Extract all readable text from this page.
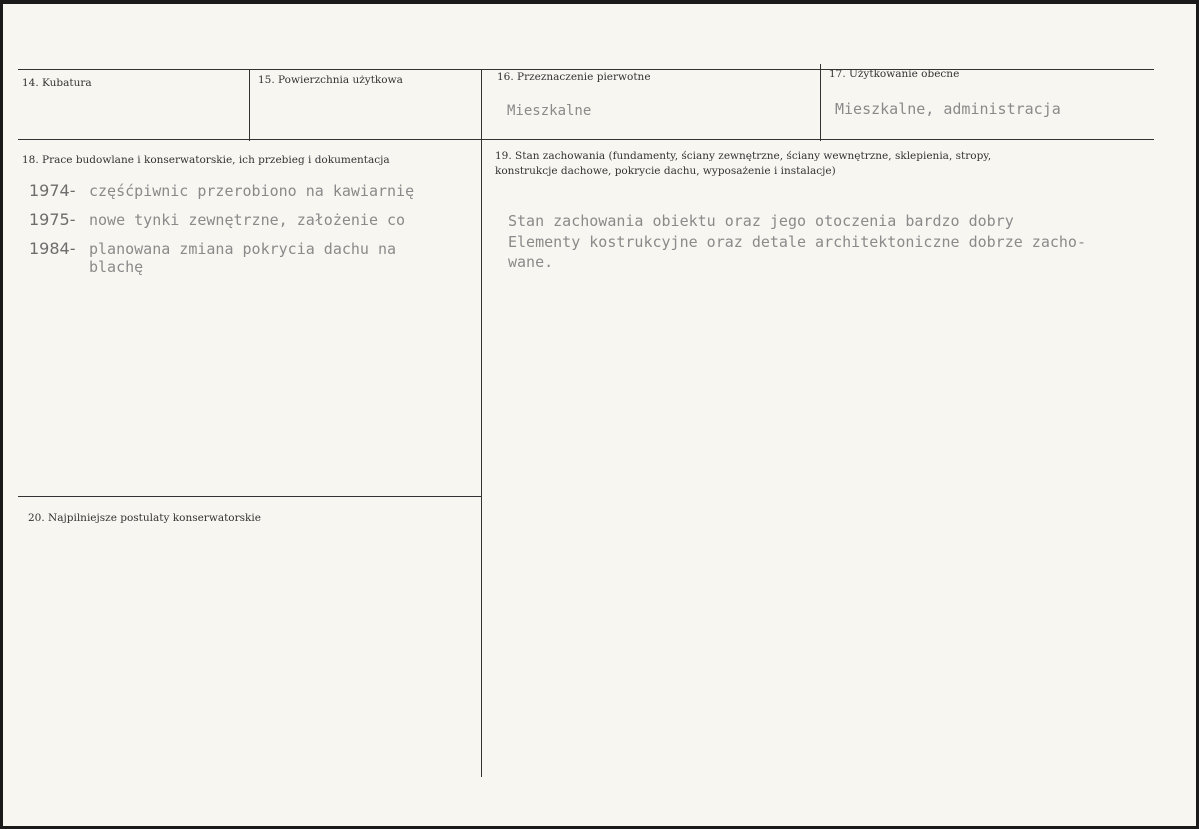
14. Kubatura	15. Powierzchnia użytkowa	16. Przeznaczenie pierwotne
Mieszkalne
17. Użytkowanie obecne
Mieszkalne, administracja
18. Prace budowlane i konserwatorskie, ich przebieg i dokumentacja
1974- częśćpiwnic przerobiono na kawiarnię
1975- nowe tynki zewnętrzne, założenie co
1984- planowana zmiana pokrycia dachu na
blachę
19. Stan zachowania (fundamenty, ściany zewnętrzne, ściany wewnętrzne, sklepienia, stropy,
konstrukcje dachowe, pokrycie dachu, wyposażenie i instalacje)
Stan zachowania obiektu oraz jego otoczenia bardzo dobry
Elementy kostrukcyjne oraz detale architektoniczne dobrze zacho-
wane.
20. Najpilniejsze postulaty konserwatorskie
